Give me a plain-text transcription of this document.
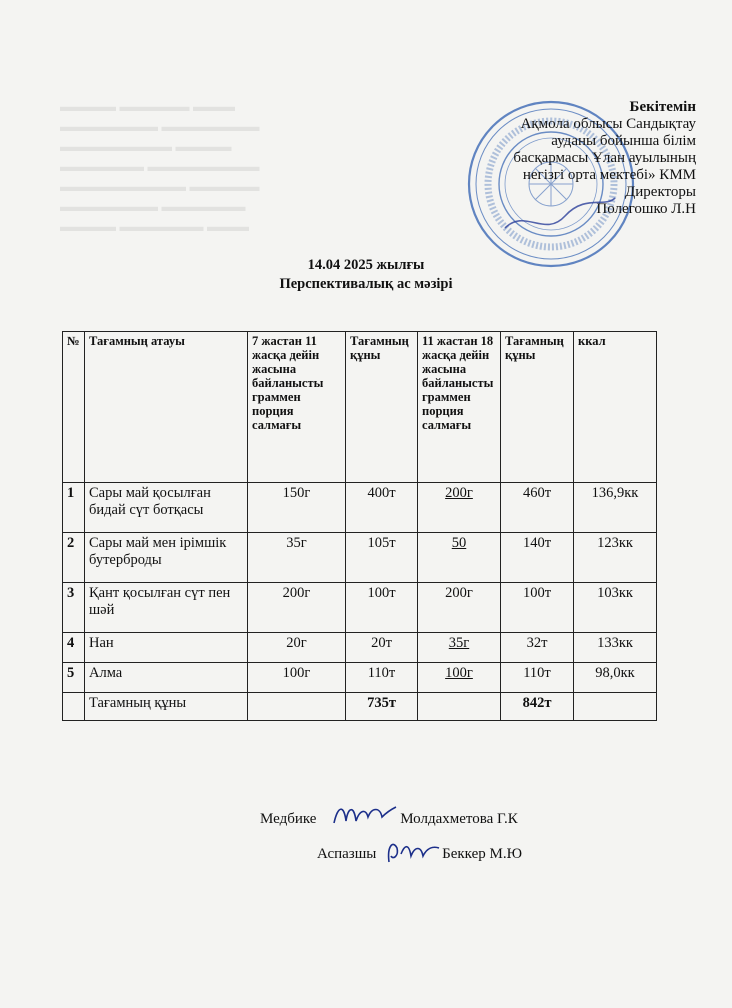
▬▬▬▬ ▬▬▬▬▬ ▬▬▬
▬▬▬▬▬▬▬ ▬▬▬▬▬▬▬
▬▬▬▬▬▬▬▬ ▬▬▬▬
▬▬▬▬▬▬ ▬▬▬▬▬▬▬▬
▬▬▬▬▬▬▬▬▬ ▬▬▬▬▬
▬▬▬▬▬▬▬ ▬▬▬▬▬▬
▬▬▬▬ ▬▬▬▬▬▬ ▬▬▬
Бекітемін
Ақмола облысы Сандықтау
ауданы бойынша білім
басқармасы Ұлан ауылының
негізгі орта мектебі» КММ
Директоры
Полегошко Л.Н
14.04 2025 жылғы
Перспективалық ас мәзірі
№	Тағамның атауы	7 жастан 11 жасқа дейін жасына байланысты граммен порция салмағы	Тағамның құны	11 жастан 18 жасқа дейін жасына байланысты граммен порция салмағы	Тағамның құны	ккал
1	Сары май қосылған бидай сүт ботқасы	150г	400т	200г	460т	136,9кк
2	Сары май мен ірімшік бутерброды	35г	105т	50	140т	123кк
3	Қант қосылған сүт пен шәй	200г	100т	200г	100т	103кк
4	Нан	20г	20т	35г	32т	133кк
5	Алма	100г	110т	100г	110т	98,0кк
	Тағамның құны		735т		842т	
Медбике	Молдахметова Г.К
Аспазшы	Беккер М.Ю
